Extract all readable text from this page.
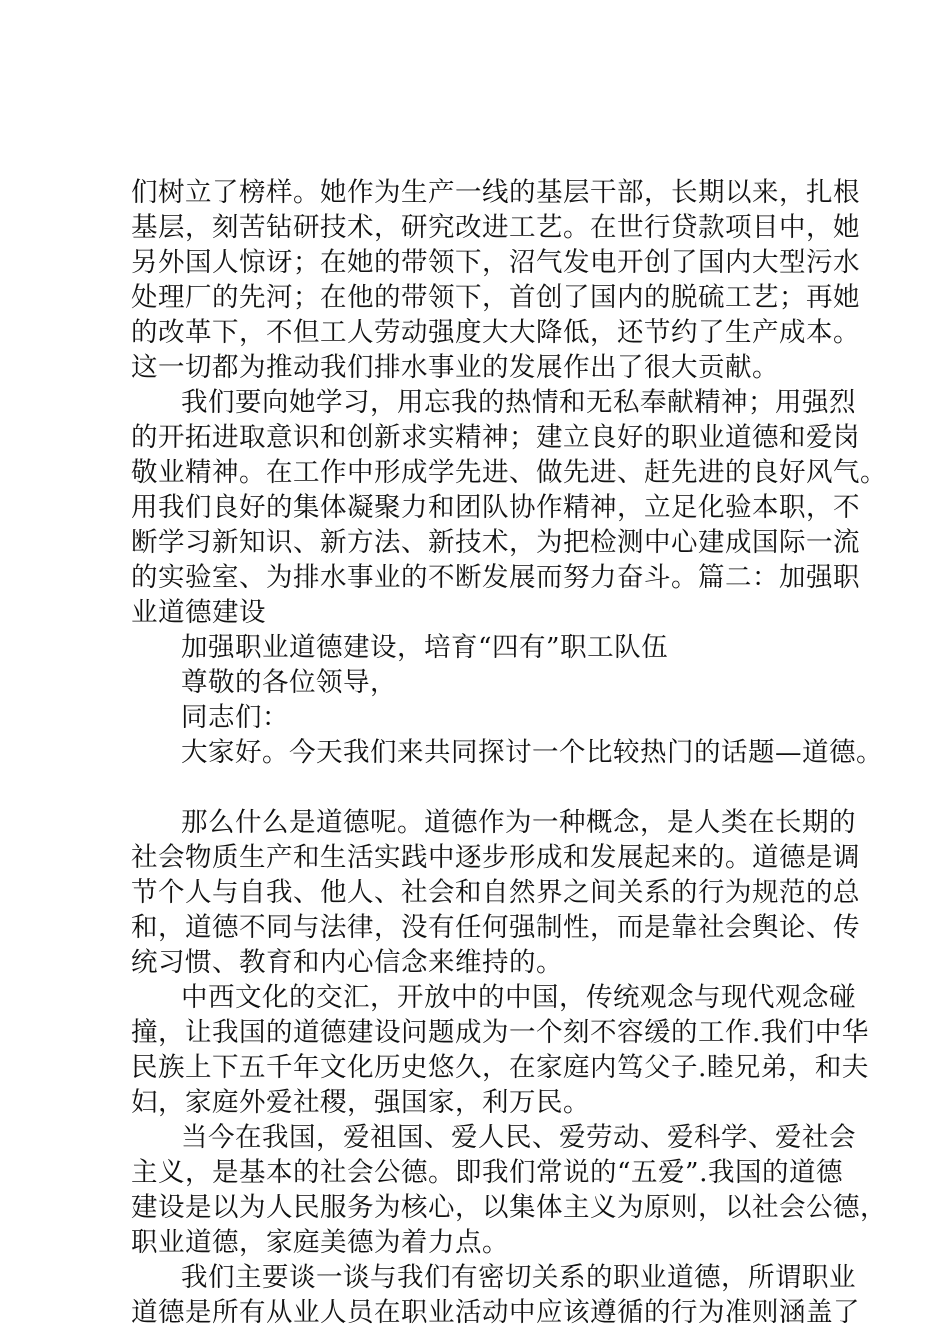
们树立了榜样。她作为生产一线的基层干部，长期以来，扎根
基层，刻苦钻研技术，研究改进工艺。在世行贷款项目中，她
另外国人惊讶；在她的带领下，沼气发电开创了国内大型污水
处理厂的先河；在他的带领下，首创了国内的脱硫工艺；再她
的改革下，不但工人劳动强度大大降低，还节约了生产成本。
这一切都为推动我们排水事业的发展作出了很大贡献。
我们要向她学习，用忘我的热情和无私奉献精神；用强烈
的开拓进取意识和创新求实精神；建立良好的职业道德和爱岗
敬业精神。在工作中形成学先进、做先进、赶先进的良好风气。
用我们良好的集体凝聚力和团队协作精神，立足化验本职，不
断学习新知识、新方法、新技术，为把检测中心建成国际一流
的实验室、为排水事业的不断发展而努力奋斗。篇二：加强职
业道德建设
加强职业道德建设，培育“四有”职工队伍
尊敬的各位领导，
同志们：
大家好。今天我们来共同探讨一个比较热门的话题—道德。
那么什么是道德呢。道德作为一种概念，是人类在长期的
社会物质生产和生活实践中逐步形成和发展起来的。道德是调
节个人与自我、他人、社会和自然界之间关系的行为规范的总
和，道德不同与法律，没有任何强制性，而是靠社会舆论、传
统习惯、教育和内心信念来维持的。
中西文化的交汇，开放中的中国，传统观念与现代观念碰
撞，让我国的道德建设问题成为一个刻不容缓的工作.我们中华
民族上下五千年文化历史悠久，在家庭内笃父子.睦兄弟，和夫
妇，家庭外爱社稷，强国家，利万民。
当今在我国，爱祖国、爱人民、爱劳动、爱科学、爱社会
主义，是基本的社会公德。即我们常说的“五爱”.我国的道德
建设是以为人民服务为核心，以集体主义为原则，以社会公德，
职业道德，家庭美德为着力点。
我们主要谈一谈与我们有密切关系的职业道德，所谓职业
道德是所有从业人员在职业活动中应该遵循的行为准则涵盖了
